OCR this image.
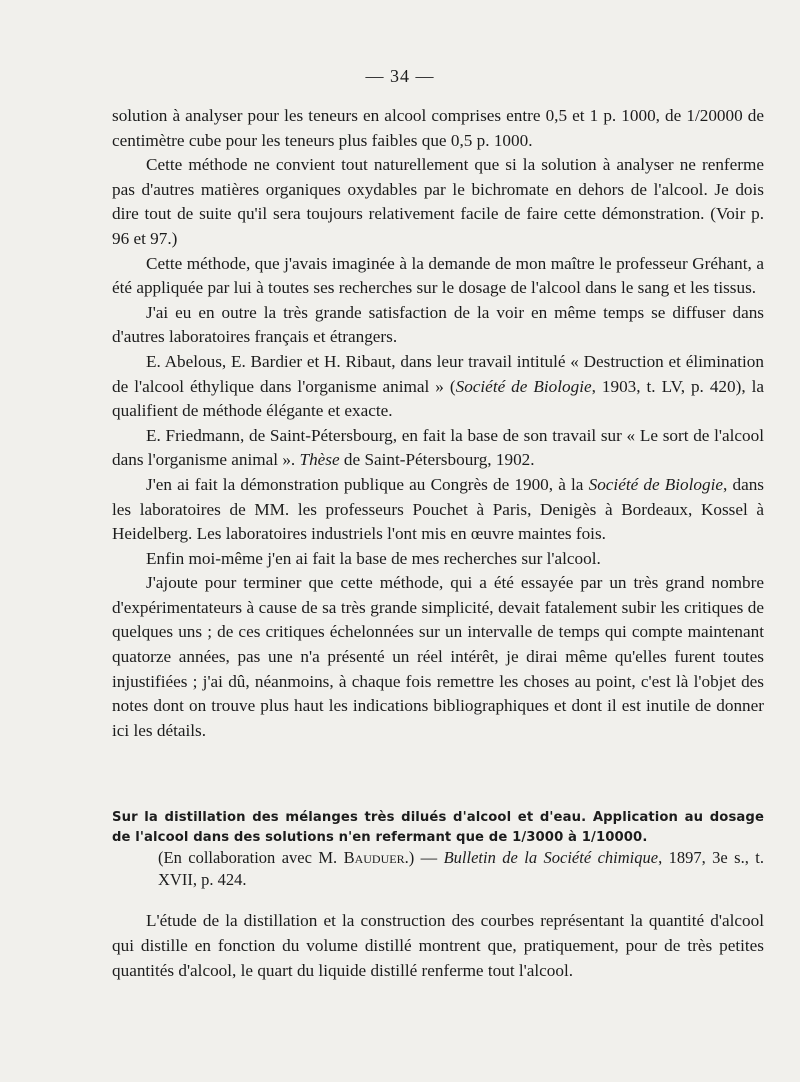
— 34 —

solution à analyser pour les teneurs en alcool comprises entre 0,5 et 1 p. 1000, de 1/20000 de centimètre cube pour les teneurs plus faibles que 0,5 p. 1000.

Cette méthode ne convient tout naturellement que si la solution à analyser ne renferme pas d'autres matières organiques oxydables par le bichromate en dehors de l'alcool. Je dois dire tout de suite qu'il sera toujours relativement facile de faire cette démonstration. (Voir p. 96 et 97.)

Cette méthode, que j'avais imaginée à la demande de mon maître le professeur Gréhant, a été appliquée par lui à toutes ses recherches sur le dosage de l'alcool dans le sang et les tissus.

J'ai eu en outre la très grande satisfaction de la voir en même temps se diffuser dans d'autres laboratoires français et étrangers.

E. Abelous, E. Bardier et H. Ribaut, dans leur travail intitulé « Destruction et élimination de l'alcool éthylique dans l'organisme animal » (Société de Biologie, 1903, t. LV, p. 420), la qualifient de méthode élégante et exacte.

E. Friedmann, de Saint-Pétersbourg, en fait la base de son travail sur « Le sort de l'alcool dans l'organisme animal ». Thèse de Saint-Pétersbourg, 1902.

J'en ai fait la démonstration publique au Congrès de 1900, à la Société de Biologie, dans les laboratoires de MM. les professeurs Pouchet à Paris, Denigès à Bordeaux, Kossel à Heidelberg. Les laboratoires industriels l'ont mis en œuvre maintes fois.

Enfin moi-même j'en ai fait la base de mes recherches sur l'alcool.

J'ajoute pour terminer que cette méthode, qui a été essayée par un très grand nombre d'expérimentateurs à cause de sa très grande simplicité, devait fatalement subir les critiques de quelques uns ; de ces critiques échelonnées sur un intervalle de temps qui compte maintenant quatorze années, pas une n'a présenté un réel intérêt, je dirai même qu'elles furent toutes injustifiées ; j'ai dû, néanmoins, à chaque fois remettre les choses au point, c'est là l'objet des notes dont on trouve plus haut les indications bibliographiques et dont il est inutile de donner ici les détails.

Sur la distillation des mélanges très dilués d'alcool et d'eau. Application au dosage de l'alcool dans des solutions n'en refermant que de 1/3000 à 1/10000.
(En collaboration avec M. Bauduer.) — Bulletin de la Société chimique, 1897, 3e s., t. XVII, p. 424.

L'étude de la distillation et la construction des courbes représentant la quantité d'alcool qui distille en fonction du volume distillé montrent que, pratiquement, pour de très petites quantités d'alcool, le quart du liquide distillé renferme tout l'alcool.
